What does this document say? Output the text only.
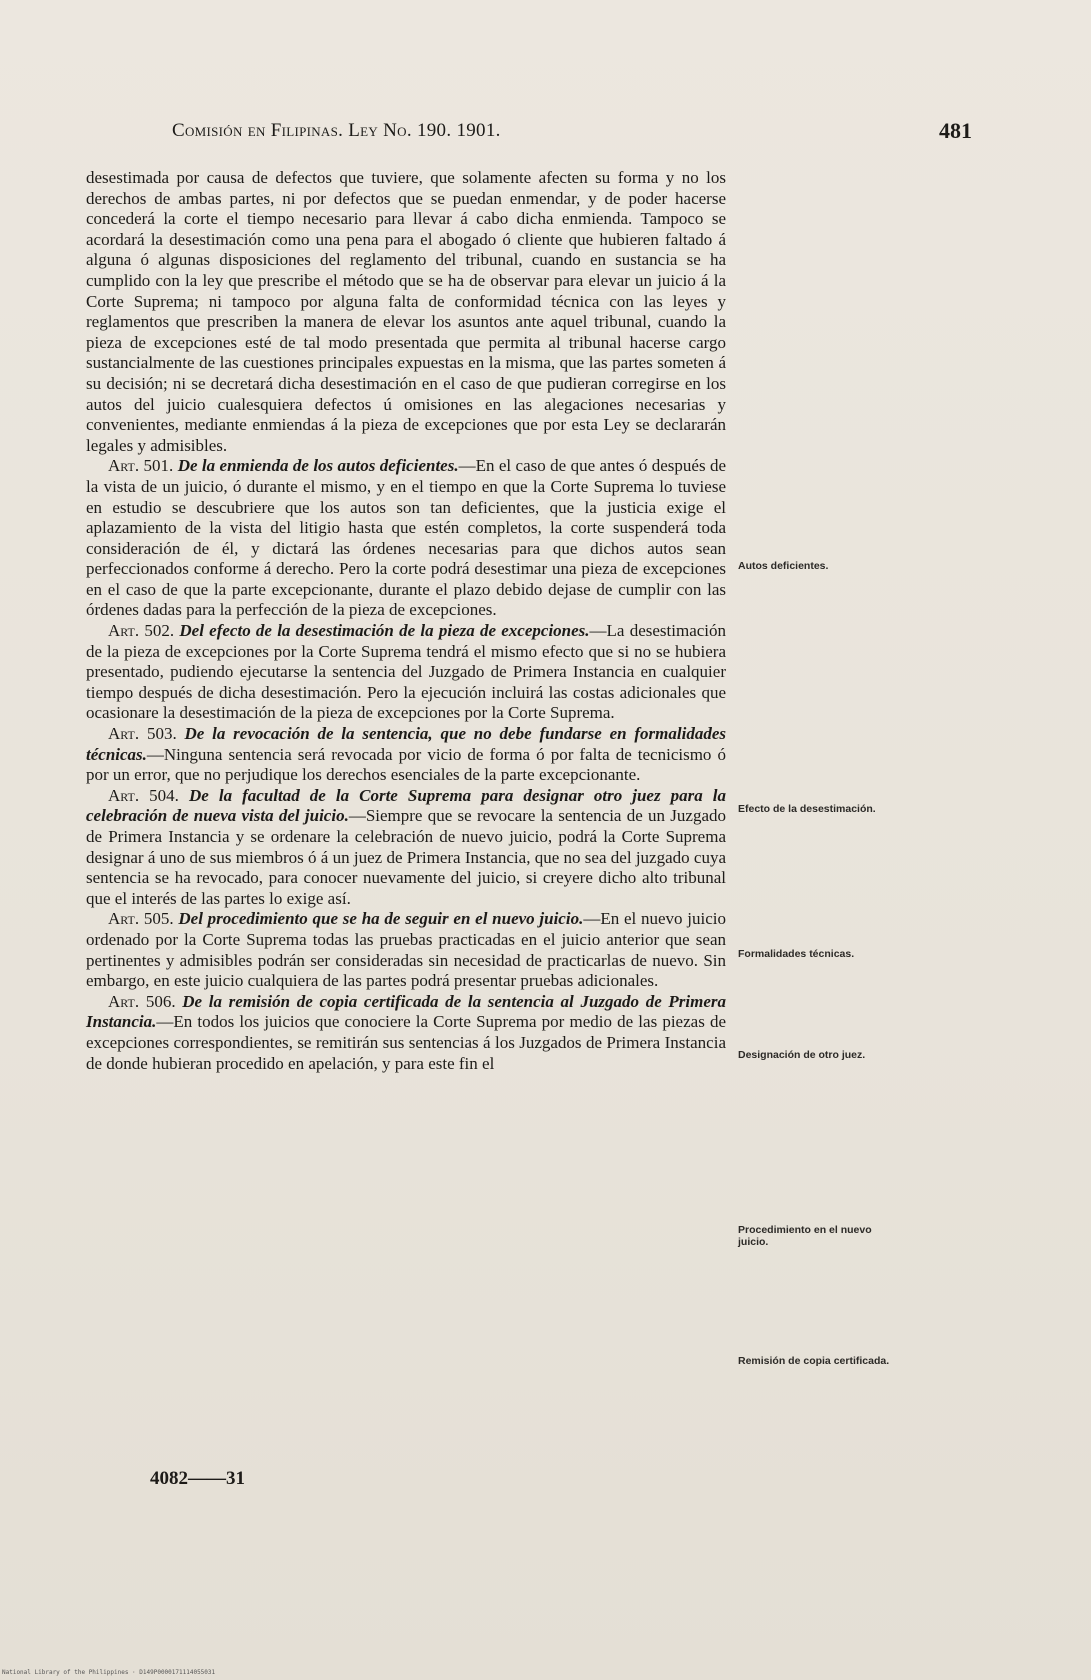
Comisión en Filipinas. Ley No. 190. 1901.	481

desestimada por causa de defectos que tuviere, que solamente afecten su forma y no los derechos de ambas partes, ni por defectos que se puedan enmendar, y de poder hacerse concederá la corte el tiempo necesario para llevar á cabo dicha enmienda. Tampoco se acordará la desestimación como una pena para el abogado ó cliente que hubieren faltado á alguna ó algunas disposiciones del reglamento del tribunal, cuando en sustancia se ha cumplido con la ley que prescribe el método que se ha de observar para elevar un juicio á la Corte Suprema; ni tampoco por alguna falta de conformidad técnica con las leyes y reglamentos que prescriben la manera de elevar los asuntos ante aquel tribunal, cuando la pieza de excepciones esté de tal modo presentada que permita al tribunal hacerse cargo sustancialmente de las cuestiones principales expuestas en la misma, que las partes someten á su decisión; ni se decretará dicha desestimación en el caso de que pudieran corregirse en los autos del juicio cualesquiera defectos ú omisiones en las alegaciones necesarias y convenientes, mediante enmiendas á la pieza de excepciones que por esta Ley se declararán legales y admisibles.

Art. 501. De la enmienda de los autos deficientes.—En el caso de que antes ó después de la vista de un juicio, ó durante el mismo, y en el tiempo en que la Corte Suprema lo tuviese en estudio se descubriere que los autos son tan deficientes, que la justicia exige el aplazamiento de la vista del litigio hasta que estén completos, la corte suspenderá toda consideración de él, y dictará las órdenes necesarias para que dichos autos sean perfeccionados conforme á derecho. Pero la corte podrá desestimar una pieza de excepciones en el caso de que la parte excepcionante, durante el plazo debido dejase de cumplir con las órdenes dadas para la perfección de la pieza de excepciones.

Art. 502. Del efecto de la desestimación de la pieza de excepciones.—La desestimación de la pieza de excepciones por la Corte Suprema tendrá el mismo efecto que si no se hubiera presentado, pudiendo ejecutarse la sentencia del Juzgado de Primera Instancia en cualquier tiempo después de dicha desestimación. Pero la ejecución incluirá las costas adicionales que ocasionare la desestimación de la pieza de excepciones por la Corte Suprema.

Art. 503. De la revocación de la sentencia, que no debe fundarse en formalidades técnicas.—Ninguna sentencia será revocada por vicio de forma ó por falta de tecnicismo ó por un error, que no perjudique los derechos esenciales de la parte excepcionante.

Art. 504. De la facultad de la Corte Suprema para designar otro juez para la celebración de nueva vista del juicio.—Siempre que se revocare la sentencia de un Juzgado de Primera Instancia y se ordenare la celebración de nuevo juicio, podrá la Corte Suprema designar á uno de sus miembros ó á un juez de Primera Instancia, que no sea del juzgado cuya sentencia se ha revocado, para conocer nuevamente del juicio, si creyere dicho alto tribunal que el interés de las partes lo exige así.

Art. 505. Del procedimiento que se ha de seguir en el nuevo juicio.—En el nuevo juicio ordenado por la Corte Suprema todas las pruebas practicadas en el juicio anterior que sean pertinentes y admisibles podrán ser consideradas sin necesidad de practicarlas de nuevo. Sin embargo, en este juicio cualquiera de las partes podrá presentar pruebas adicionales.

Art. 506. De la remisión de copia certificada de la sentencia al Juzgado de Primera Instancia.—En todos los juicios que conociere la Corte Suprema por medio de las piezas de excepciones correspondientes, se remitirán sus sentencias á los Juzgados de Primera Instancia de donde hubieran procedido en apelación, y para este fin el

Autos deficientes.
Efecto de la desestimación.
Formalidades técnicas.
Designación de otro juez.
Procedimiento en el nuevo juicio.
Remisión de copia certificada.
4082——31
National Library of the Philippines · D149P0000171114055031
